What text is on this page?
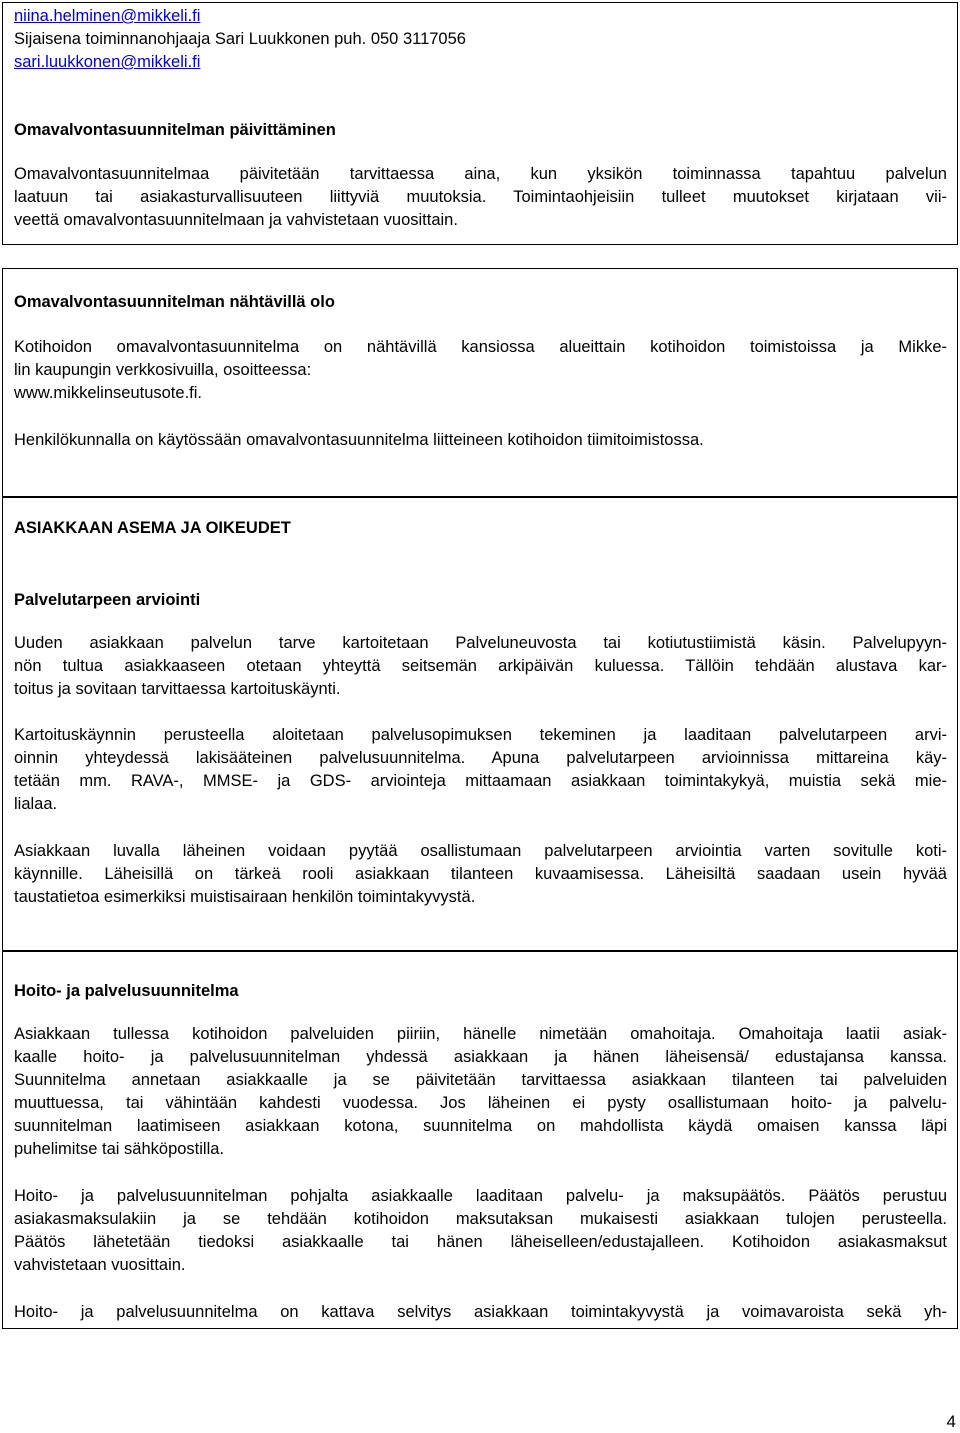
niina.helminen@mikkeli.fi
Sijaisena toiminnanohjaaja Sari Luukkonen puh. 050 3117056
sari.luukkonen@mikkeli.fi
Omavalvontasuunnitelman päivittäminen
Omavalvontasuunnitelmaa päivitetään tarvittaessa aina, kun yksikön toiminnassa tapahtuu palvelun
laatuun tai asiakasturvallisuuteen liittyviä muutoksia. Toimintaohjeisiin tulleet muutokset kirjataan vii-
veettä omavalvontasuunnitelmaan ja vahvistetaan vuosittain.
Omavalvontasuunnitelman nähtävillä olo
Kotihoidon omavalvontasuunnitelma on nähtävillä kansiossa alueittain kotihoidon toimistoissa ja Mikke-
lin kaupungin verkkosivuilla, osoitteessa:
www.mikkelinseutusote.fi.
Henkilökunnalla on käytössään omavalvontasuunnitelma liitteineen kotihoidon tiimitoimistossa.
ASIAKKAAN ASEMA JA OIKEUDET
Palvelutarpeen arviointi
Uuden asiakkaan palvelun tarve kartoitetaan Palveluneuvosta tai kotiutustiimistä käsin. Palvelupyyn-
nön tultua asiakkaaseen otetaan yhteyttä seitsemän arkipäivän kuluessa. Tällöin tehdään alustava kar-
toitus ja sovitaan tarvittaessa kartoituskäynti.
Kartoituskäynnin perusteella aloitetaan palvelusopimuksen tekeminen ja laaditaan palvelutarpeen arvi-
oinnin yhteydessä lakisääteinen palvelusuunnitelma. Apuna palvelutarpeen arvioinnissa mittareina käy-
tetään mm. RAVA-, MMSE- ja GDS- arviointeja mittaamaan asiakkaan toimintakykyä, muistia sekä mie-
lialaa.
Asiakkaan luvalla läheinen voidaan pyytää osallistumaan palvelutarpeen arviointia varten sovitulle koti-
käynnille. Läheisillä on tärkeä rooli asiakkaan tilanteen kuvaamisessa. Läheisiltä saadaan usein hyvää
taustatietoa esimerkiksi muistisairaan henkilön toimintakyvystä.
Hoito- ja palvelusuunnitelma
Asiakkaan tullessa kotihoidon palveluiden piiriin, hänelle nimetään omahoitaja. Omahoitaja laatii asiak-
kaalle hoito- ja palvelusuunnitelman yhdessä asiakkaan ja hänen läheisensä/ edustajansa kanssa.
Suunnitelma annetaan asiakkaalle ja se päivitetään tarvittaessa asiakkaan tilanteen tai palveluiden
muuttuessa, tai vähintään kahdesti vuodessa. Jos läheinen ei pysty osallistumaan hoito- ja palvelu-
suunnitelman laatimiseen asiakkaan kotona, suunnitelma on mahdollista käydä omaisen kanssa läpi
puhelimitse tai sähköpostilla.
Hoito- ja palvelusuunnitelman pohjalta asiakkaalle laaditaan palvelu- ja maksupäätös. Päätös perustuu
asiakasmaksulakiin ja se tehdään kotihoidon maksutaksan mukaisesti asiakkaan tulojen perusteella.
Päätös lähetetään tiedoksi asiakkaalle tai hänen läheiselleen/edustajalleen. Kotihoidon asiakasmaksut
vahvistetaan vuosittain.
Hoito- ja palvelusuunnitelma on kattava selvitys asiakkaan toimintakyvystä ja voimavaroista sekä yh-
4
